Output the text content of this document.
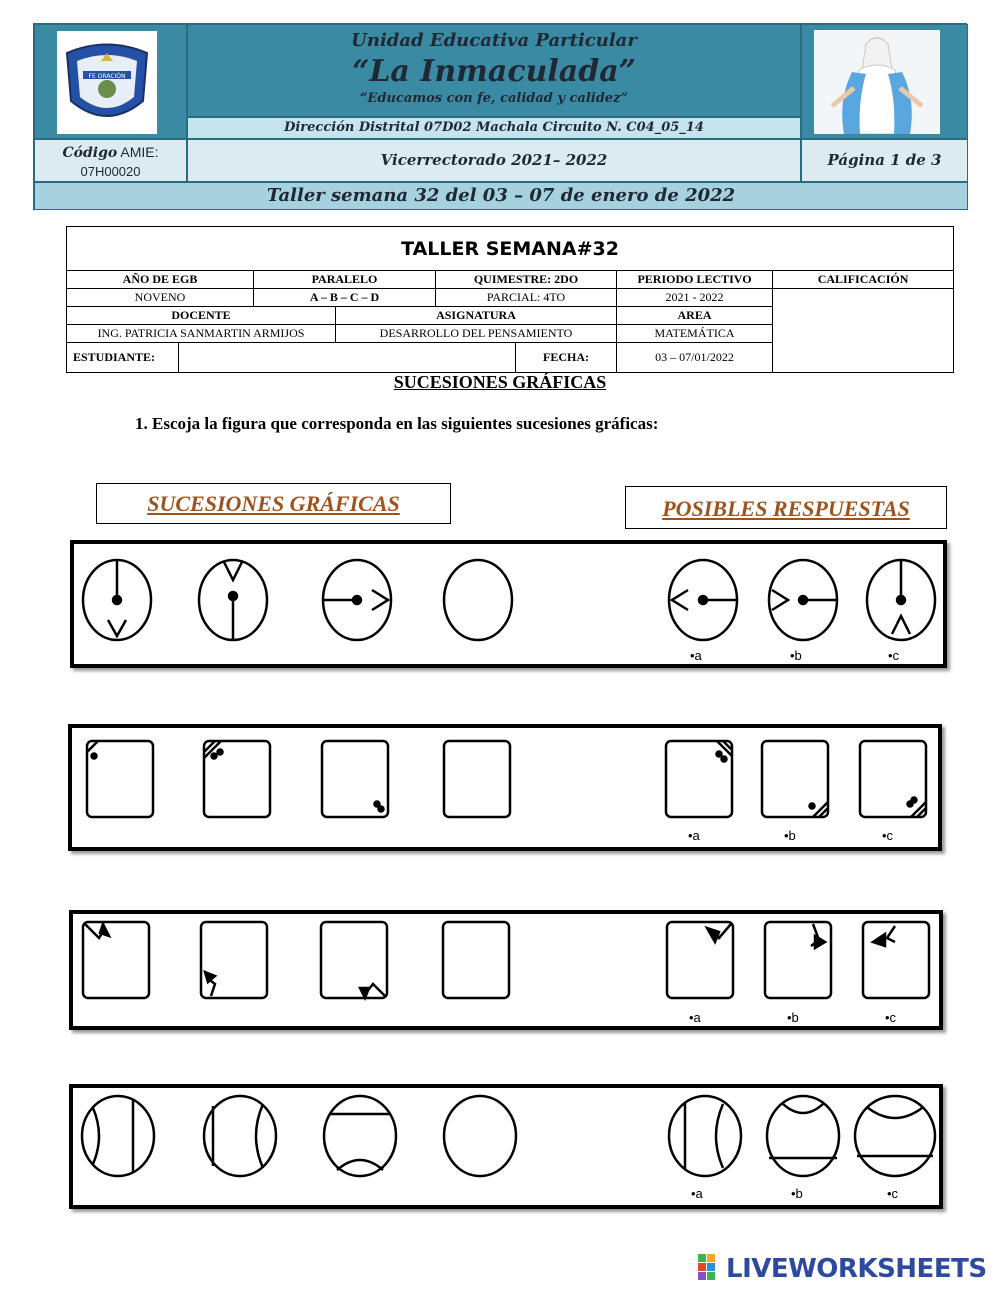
FE ORACIÓN
Unidad Educativa Particular
“La Inmaculada”
“Educamos con fe, calidad y calidez”
Dirección Distrital 07D02 Machala Circuito N. C04_05_14
Código AMIE:
07H00020
Vicerrectorado 2021– 2022	Página 1 de 3
Taller semana 32 del 03 – 07 de enero de 2022
TALLER SEMANA#32							
AÑO DE EGB		PARALELO		QUIMESTRE: 2DO		PERIODO LECTIVO	CALIFICACIÓN
NOVENO		A – B – C – D		PARCIAL: 4TO		2021 - 2022	
DOCENTE			ASIGNATURA			AREA	
ING. PATRICIA SANMARTIN ARMIJOS			DESARROLLO DEL PENSAMIENTO			MATEMÁTICA	
ESTUDIANTE:					FECHA:	03 – 07/01/2022	
SUCESIONES GRÁFICAS
1. Escoja la figura que corresponda en las siguientes sucesiones gráficas:
SUCESIONES GRÁFICAS	POSIBLES RESPUESTAS
•a	•b	•c
•a	•b	•c
•a	•b	•c
•a	•b	•c
LIVEWORKSHEETS
